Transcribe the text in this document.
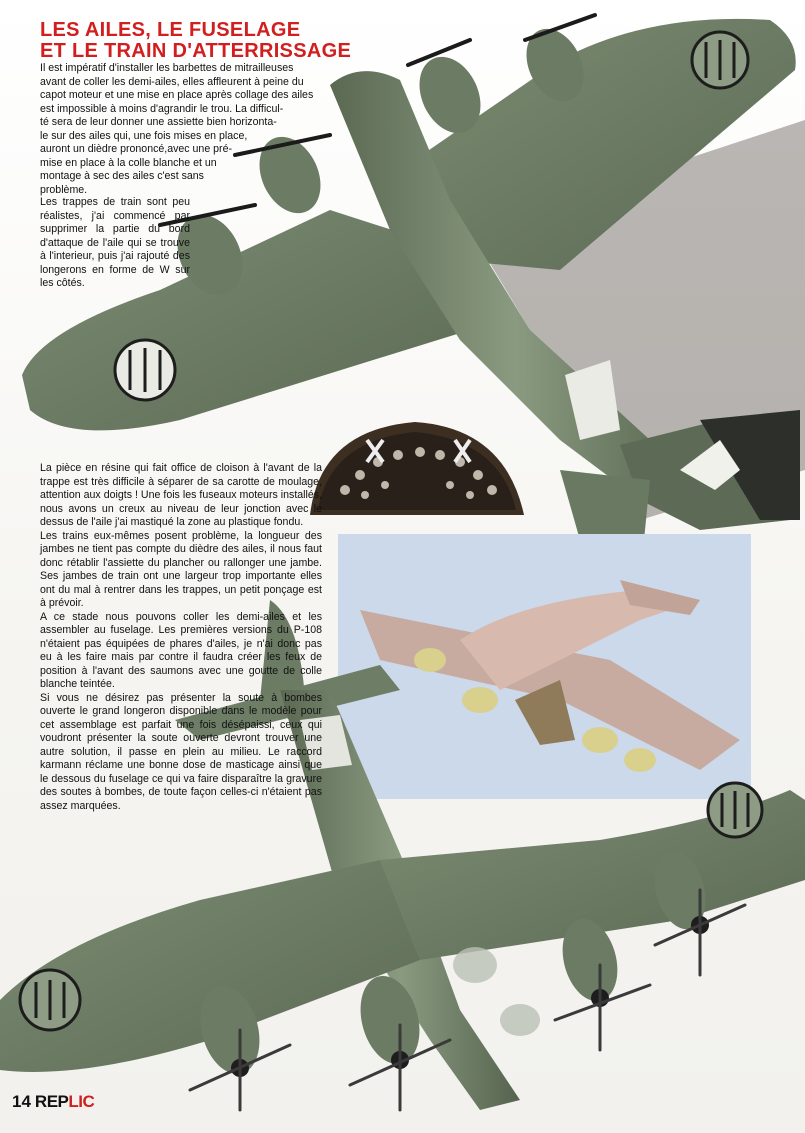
LES AILES, LE FUSELAGE
ET LE TRAIN D'ATTERRISSAGE
Il est impératif d'installer les barbettes de mitrailleuses
avant de coller les demi-ailes, elles affleurent à peine du
capot moteur et une mise en place après collage des ailes
est impossible à moins d'agrandir le trou. La difficul-
té sera de leur donner une assiette bien horizonta-
le sur des ailes qui, une fois mises en place,
auront un dièdre prononcé,avec une pré-
mise en place à la colle blanche et un
montage à sec des ailes c'est sans
problème.

Les trappes de train sont peu réalistes, j'ai commencé par supprimer la partie du bord d'attaque de l'aile qui se trouve à l'interieur, puis j'ai rajouté des longerons en forme de W sur les côtés.

La pièce en résine qui fait office de cloison à l'avant de la trappe est très difficile à séparer de sa carotte de moulage, attention aux doigts ! Une fois les fuseaux moteurs installés, nous avons un creux au niveau de leur jonction avec le dessus de l'aile j'ai mastiqué la zone au plastique fondu.

Les trains eux-mêmes posent problème, la longueur des jambes ne tient pas compte du dièdre des ailes, il nous faut donc rétablir l'assiette du plancher ou rallonger une jambe. Ses jambes de train ont une largeur trop importante elles ont du mal à rentrer dans les trappes, un petit ponçage est à prévoir.

A ce stade nous pouvons coller les demi-ailes et les assembler au fuselage. Les premières versions du P-108 n'étaient pas équipées de phares d'ailes, je n'ai donc pas eu à les faire mais par contre il faudra créer les feux de position à l'avant des saumons avec une goutte de colle blanche teintée.

Si vous ne désirez pas présenter la soute à bombes ouverte le grand longeron disponible dans le modèle pour cet assemblage est parfait une fois désépaissi, ceux qui voudront présenter la soute ouverte devront trouver une autre solution, il passe en plein au milieu. Le raccord karmann réclame une bonne dose de masticage ainsi que le dessous du fuselage ce qui va faire disparaître la gravure des soutes à bombes, de toute façon celles-ci n'étaient pas assez marquées.

14 REPLIC
